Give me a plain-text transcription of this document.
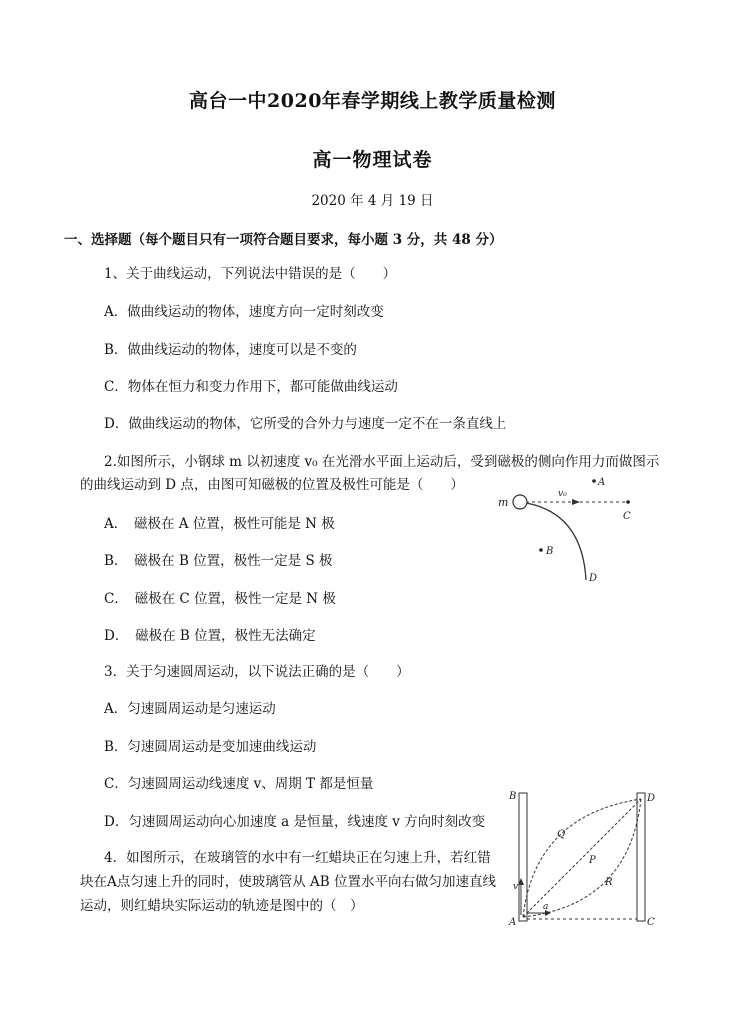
高台一中2020年春学期线上教学质量检测
高一物理试卷
2020 年 4 月 19 日
一、选择题（每个题目只有一项符合题目要求，每小题 3 分，共 48 分）
1、关于曲线运动，下列说法中错误的是（　　）
A．做曲线运动的物体，速度方向一定时刻改变
B．做曲线运动的物体，速度可以是不变的
C．物体在恒力和变力作用下，都可能做曲线运动
D．做曲线运动的物体，它所受的合外力与速度一定不在一条直线上
2.如图所示，小钢球 m 以初速度 v₀ 在光滑水平面上运动后，受到磁极的侧向作用力而做图示
的曲线运动到 D 点，由图可知磁极的位置及极性可能是（　　）
A．　磁极在 A 位置，极性可能是 N 极
B．　磁极在 B 位置，极性一定是 S 极
C．　磁极在 C 位置，极性一定是 N 极
D．　磁极在 B 位置，极性无法确定
m
v₀
A
C
B
D
3．关于匀速圆周运动，以下说法正确的是（　　）
A．匀速圆周运动是匀速运动
B．匀速圆周运动是变加速曲线运动
C．匀速圆周运动线速度 v、周期 T 都是恒量
D．匀速圆周运动向心加速度 a 是恒量，线速度 v 方向时刻改变
4．如图所示，在玻璃管的水中有一红蜡块正在匀速上升，若红错
块在A点匀速上升的同时，使玻璃管从 AB 位置水平向右做匀加速直线
运动，则红蜡块实际运动的轨迹是图中的（　）
B	D
A	C
Q
P
R
v
a
